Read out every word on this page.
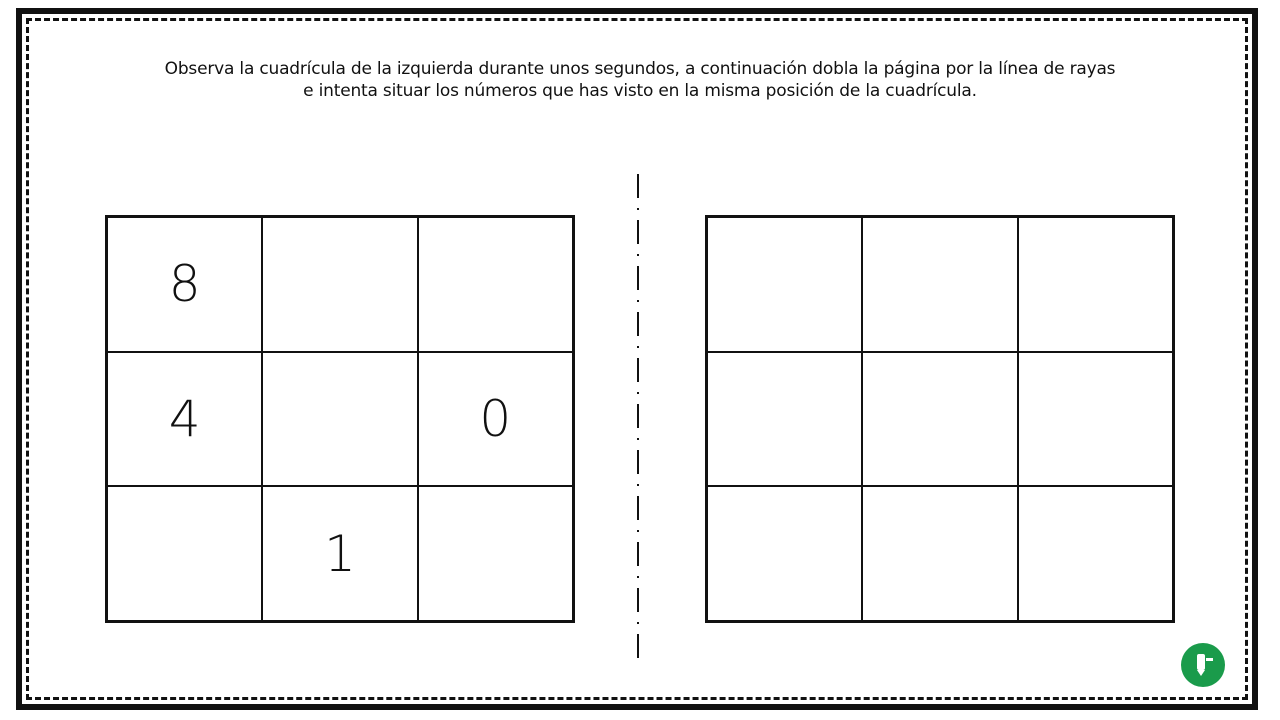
Observa la cuadrícula de la izquierda durante unos segundos, a continuación dobla la página por la línea de rayas
e intenta situar los números que has visto en la misma posición de la cuadrícula.
8
4	0
1
